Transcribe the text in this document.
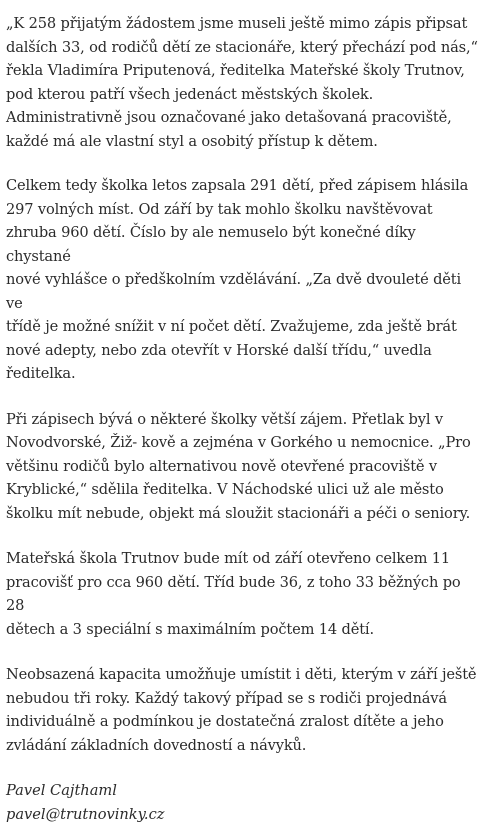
„K 258 přijatým žádostem jsme museli ještě mimo zápis připsat
dalších 33, od rodičů dětí ze stacionáře, který přechází pod nás,“
řekla Vladimíra Priputenová, ředitelka Mateřské školy Trutnov,
pod kterou patří všech jedenáct městských školek.
Administrativně jsou označované jako detašovaná pracoviště,
každé má ale vlastní styl a osobitý přístup k dětem.

Celkem tedy školka letos zapsala 291 dětí, před zápisem hlásila
297 volných míst. Od září by tak mohlo školku navštěvovat
zhruba 960 dětí. Číslo by ale nemuselo být konečné díky chystané
nové vyhlášce o předškolním vzdělávání. „Za dvě dvouleté děti ve
třídě je možné snížit v ní počet dětí. Zvažujeme, zda ještě brát
nové adepty, nebo zda otevřít v Horské další třídu,“ uvedla
ředitelka.

Při zápisech bývá o některé školky větší zájem. Přetlak byl v
Novodvorské, Žiž- kově a zejména v Gorkého u nemocnice. „Pro
většinu rodičů bylo alternativou nově otevřené pracoviště v
Kryblické,“ sdělila ředitelka. V Náchodské ulici už ale město
školku mít nebude, objekt má sloužit stacionáři a péči o seniory.

Mateřská škola Trutnov bude mít od září otevřeno celkem 11
pracovišť pro cca 960 dětí. Tříd bude 36, z toho 33 běžných po 28
dětech a 3 speciální s maximálním počtem 14 dětí.

Neobsazená kapacita umožňuje umístit i děti, kterým v září ještě
nebudou tři roky. Každý takový případ se s rodiči projednává
individuálně a podmínkou je dostatečná zralost dítěte a jeho
zvládání základních dovedností a návyků.

Pavel Cajthaml
pavel@trutnovinky.cz
